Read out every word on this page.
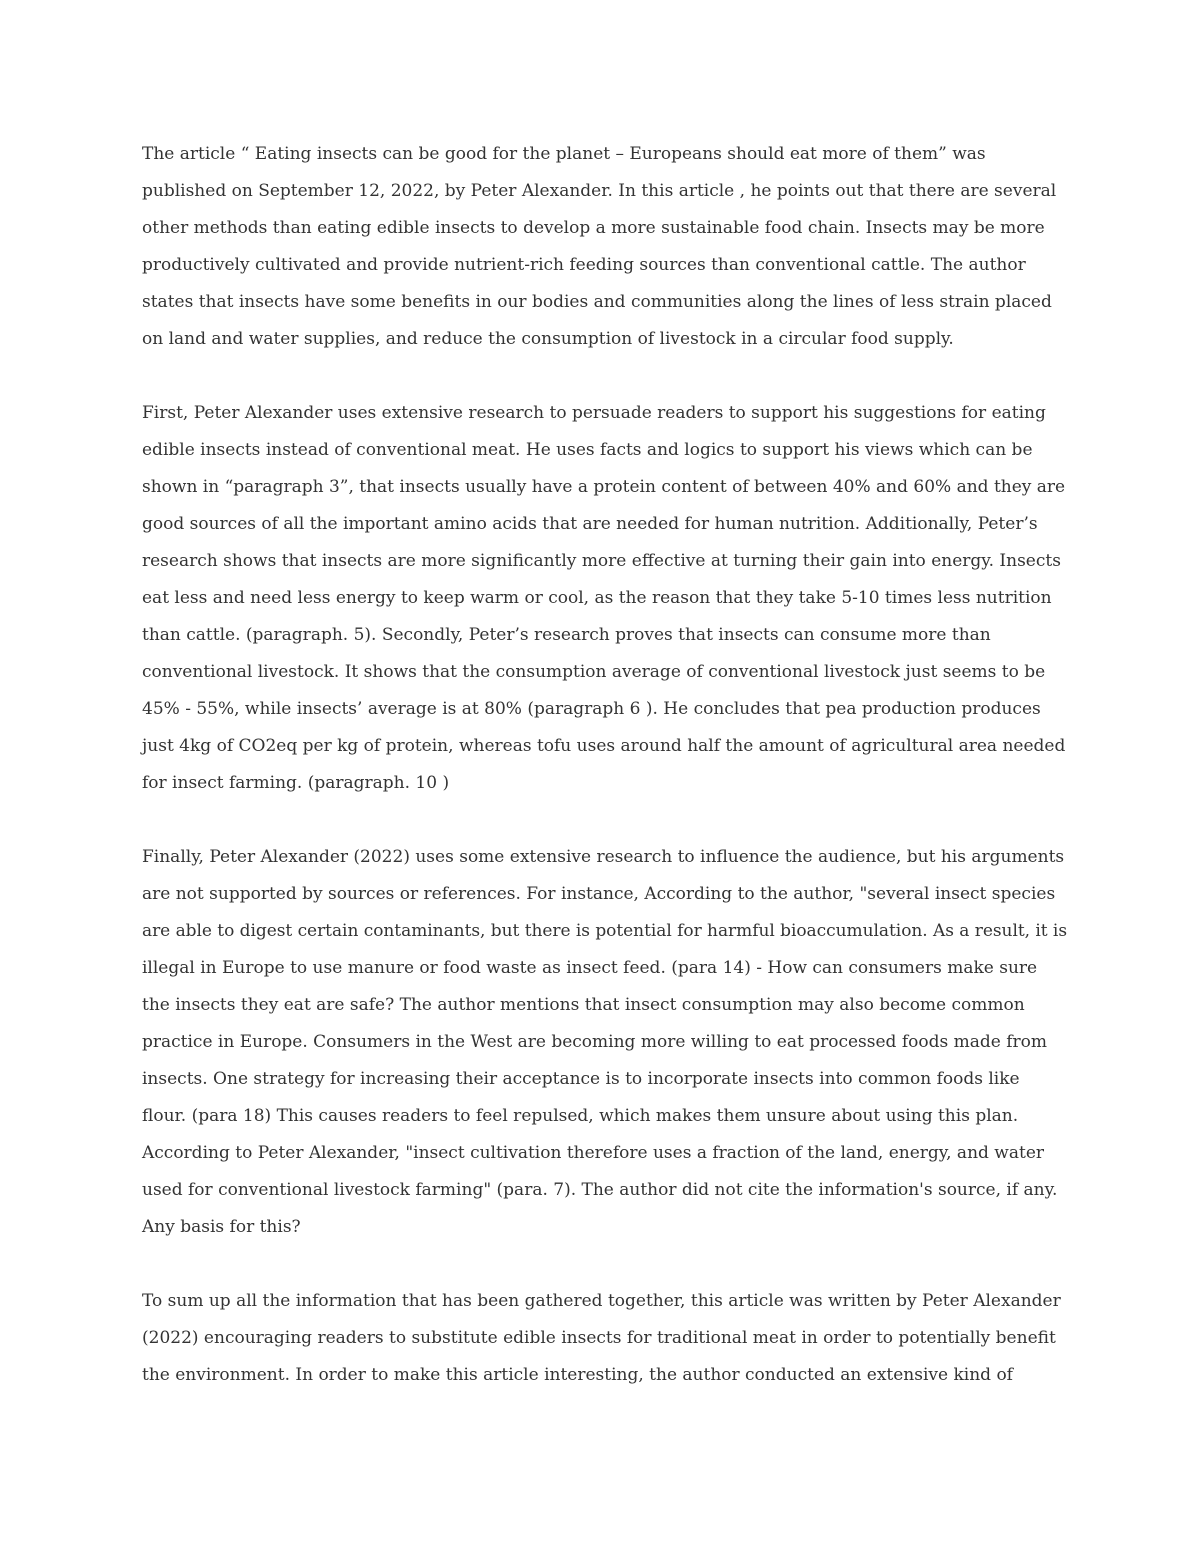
The article “ Eating insects can be good for the planet – Europeans should eat more of them” was
published on September 12, 2022, by Peter Alexander. In this article , he points out that there are several
other methods than eating edible insects to develop a more sustainable food chain. Insects may be more
productively cultivated and provide nutrient-rich feeding sources than conventional cattle. The author
states that insects have some benefits in our bodies and communities along the lines of less strain placed
on land and water supplies, and reduce the consumption of livestock in a circular food supply.

First, Peter Alexander uses extensive research to persuade readers to support his suggestions for eating
edible insects instead of conventional meat. He uses facts and logics to support his views which can be
shown in “paragraph 3”, that insects usually have a protein content of between 40% and 60% and they are
good sources of all the important amino acids that are needed for human nutrition. Additionally, Peter’s
research shows that insects are more significantly more effective at turning their gain into energy. Insects
eat less and need less energy to keep warm or cool, as the reason that they take 5-10 times less nutrition
than cattle. (paragraph. 5). Secondly, Peter’s research proves that insects can consume more than
conventional livestock. It shows that the consumption average of conventional livestock just seems to be
45% - 55%, while insects’ average is at 80% (paragraph 6 ). He concludes that pea production produces
just 4kg of CO2eq per kg of protein, whereas tofu uses around half the amount of agricultural area needed
for insect farming. (paragraph. 10 )

Finally, Peter Alexander (2022) uses some extensive research to influence the audience, but his arguments
are not supported by sources or references. For instance, According to the author, "several insect species
are able to digest certain contaminants, but there is potential for harmful bioaccumulation. As a result, it is
illegal in Europe to use manure or food waste as insect feed. (para 14) - How can consumers make sure
the insects they eat are safe? The author mentions that insect consumption may also become common
practice in Europe. Consumers in the West are becoming more willing to eat processed foods made from
insects. One strategy for increasing their acceptance is to incorporate insects into common foods like
flour. (para 18) This causes readers to feel repulsed, which makes them unsure about using this plan.
According to Peter Alexander, "insect cultivation therefore uses a fraction of the land, energy, and water
used for conventional livestock farming" (para. 7). The author did not cite the information's source, if any.
Any basis for this?

To sum up all the information that has been gathered together, this article was written by Peter Alexander
(2022) encouraging readers to substitute edible insects for traditional meat in order to potentially benefit
the environment. In order to make this article interesting, the author conducted an extensive kind of
